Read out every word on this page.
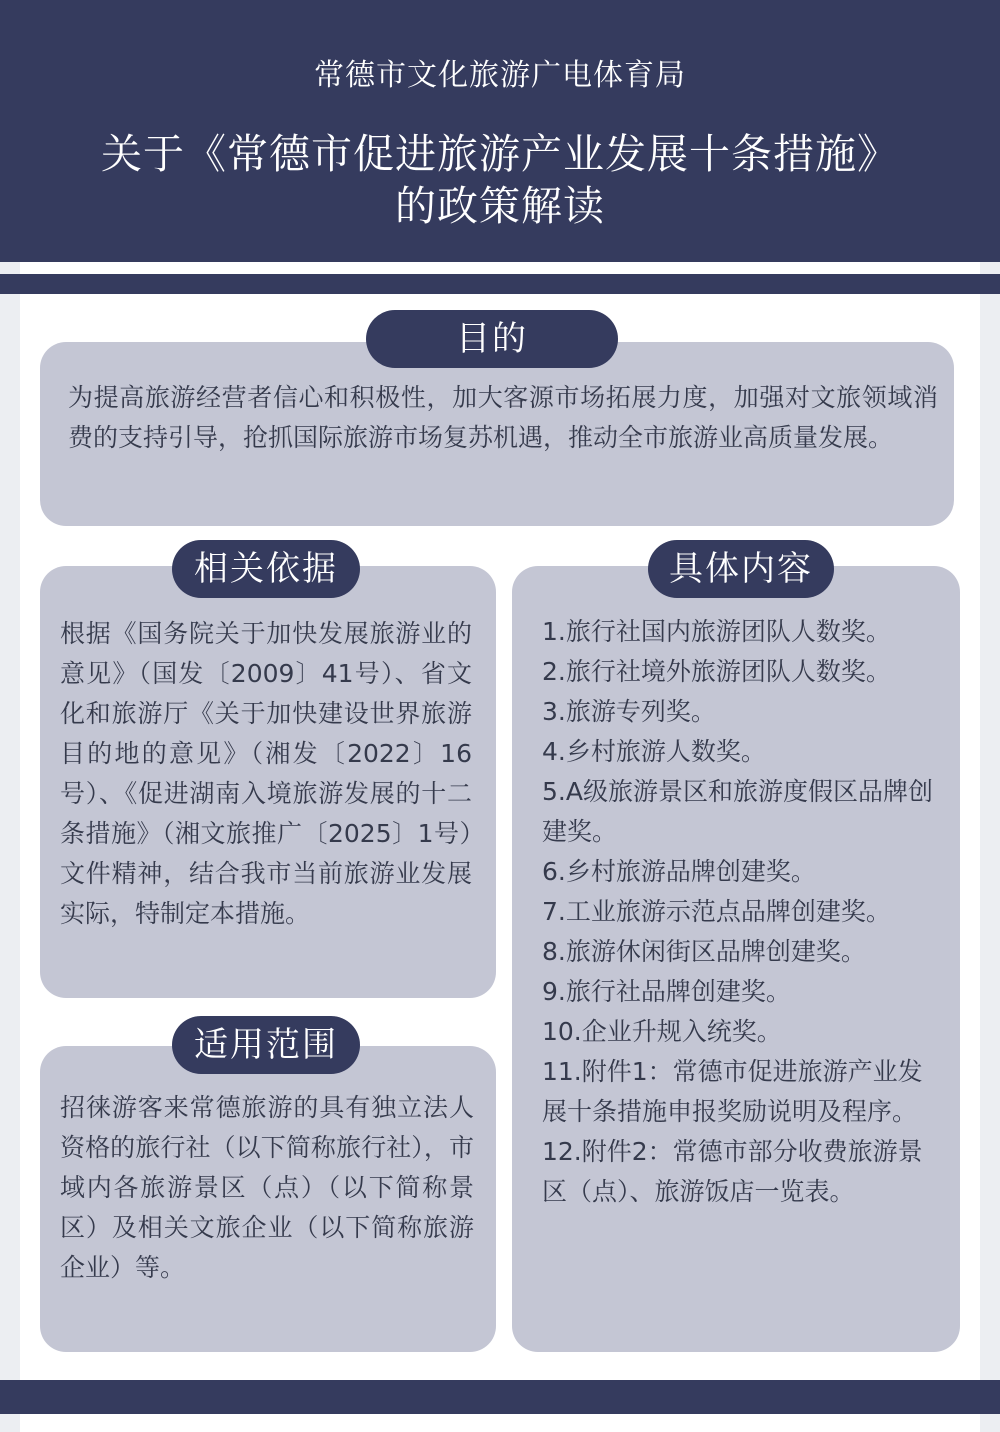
常德市文化旅游广电体育局
关于《常德市促进旅游产业发展十条措施》
的政策解读
为提高旅游经营者信心和积极性，加大客源市场拓展力度，加强对文旅领域消费的支持引导，抢抓国际旅游市场复苏机遇，推动全市旅游业高质量发展。
目的
根据《国务院关于加快发展旅游业的意见》（国发〔2009〕41号）、省文化和旅游厅《关于加快建设世界旅游目的地的意见》（湘发〔2022〕16号）、《促进湖南入境旅游发展的十二条措施》（湘文旅推广〔2025〕1号）文件精神，结合我市当前旅游业发展实际，特制定本措施。
相关依据
招徕游客来常德旅游的具有独立法人资格的旅行社（以下简称旅行社），市域内各旅游景区（点）（以下简称景区）及相关文旅企业（以下简称旅游企业）等。
适用范围
1.旅行社国内旅游团队人数奖。
2.旅行社境外旅游团队人数奖。
3.旅游专列奖。
4.乡村旅游人数奖。
5.A级旅游景区和旅游度假区品牌创建奖。
6.乡村旅游品牌创建奖。
7.工业旅游示范点品牌创建奖。
8.旅游休闲街区品牌创建奖。
9.旅行社品牌创建奖。
10.企业升规入统奖。
11.附件1：常德市促进旅游产业发展十条措施申报奖励说明及程序。
12.附件2：常德市部分收费旅游景区（点）、旅游饭店一览表。
具体内容
